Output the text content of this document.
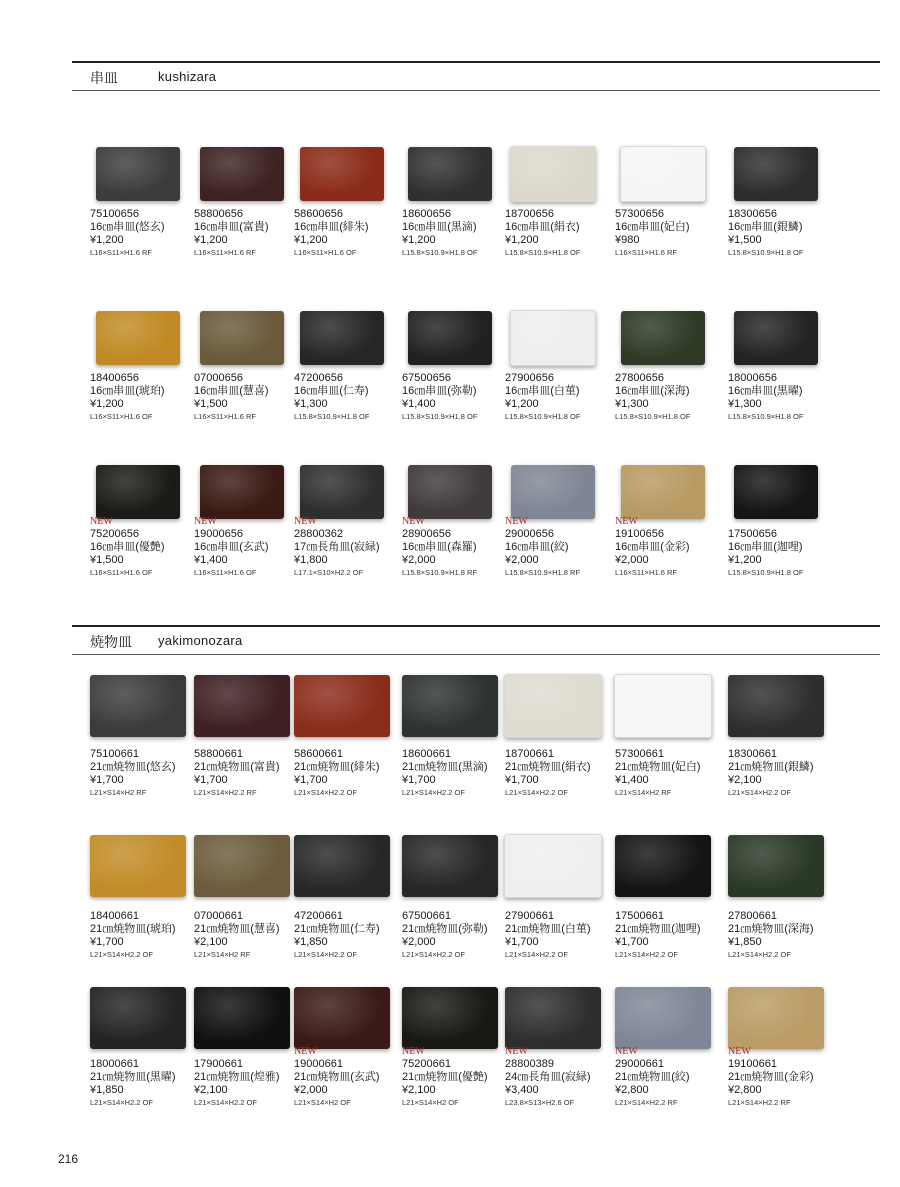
串皿	kushizara
焼物皿 yakimonozara
75100656
16㎝串皿(悠玄)
¥1,200
L16×S11×H1.6 RF
58800656
16㎝串皿(富貴)
¥1,200
L16×S11×H1.6 RF
58600656
16㎝串皿(緋朱)
¥1,200
L16×S11×H1.6 OF
18600656
16㎝串皿(黒滴)
¥1,200
L15.8×S10.9×H1.8 OF
18700656
16㎝串皿(絹衣)
¥1,200
L15.8×S10.9×H1.8 OF
57300656
16㎝串皿(妃白)
¥980
L16×S11×H1.6 RF
18300656
16㎝串皿(銀鱗)
¥1,500
L15.8×S10.9×H1.8 OF
18400656
16㎝串皿(琥珀)
¥1,200
L16×S11×H1.6 OF
07000656
16㎝串皿(慧喜)
¥1,500
L16×S11×H1.6 RF
47200656
16㎝串皿(仁寿)
¥1,300
L15.8×S10.9×H1.8 OF
67500656
16㎝串皿(弥勒)
¥1,400
L15.8×S10.9×H1.8 OF
27900656
16㎝串皿(白菫)
¥1,200
L15.8×S10.9×H1.8 OF
27800656
16㎝串皿(深海)
¥1,300
L15.8×S10.9×H1.8 OF
18000656
16㎝串皿(黒曜)
¥1,300
L15.8×S10.9×H1.8 OF
NEW
75200656
16㎝串皿(優艶)
¥1,500
L16×S11×H1.6 OF
NEW
19000656
16㎝串皿(玄武)
¥1,400
L16×S11×H1.6 OF
NEW
28800362
17㎝長角皿(寂緑)
¥1,800
L17.1×S10×H2.2 OF
NEW
28900656
16㎝串皿(森羅)
¥2,000
L15.8×S10.9×H1.8 RF
NEW
29000656
16㎝串皿(絞)
¥2,000
L15.8×S10.9×H1.8 RF
NEW
19100656
16㎝串皿(金彩)
¥2,000
L16×S11×H1.6 RF
17500656
16㎝串皿(迦哩)
¥1,200
L15.8×S10.9×H1.8 OF
75100661
21㎝焼物皿(悠玄)
¥1,700
L21×S14×H2 RF
58800661
21㎝焼物皿(富貴)
¥1,700
L21×S14×H2.2 RF
58600661
21㎝焼物皿(緋朱)
¥1,700
L21×S14×H2.2 OF
18600661
21㎝焼物皿(黒滴)
¥1,700
L21×S14×H2.2 OF
18700661
21㎝焼物皿(絹衣)
¥1,700
L21×S14×H2.2 OF
57300661
21㎝焼物皿(妃白)
¥1,400
L21×S14×H2 RF
18300661
21㎝焼物皿(銀鱗)
¥2,100
L21×S14×H2.2 OF
18400661
21㎝焼物皿(琥珀)
¥1,700
L21×S14×H2.2 OF
07000661
21㎝焼物皿(慧喜)
¥2,100
L21×S14×H2 RF
47200661
21㎝焼物皿(仁寿)
¥1,850
L21×S14×H2.2 OF
67500661
21㎝焼物皿(弥勒)
¥2,000
L21×S14×H2.2 OF
27900661
21㎝焼物皿(白菫)
¥1,700
L21×S14×H2.2 OF
17500661
21㎝焼物皿(迦哩)
¥1,700
L21×S14×H2.2 OF
27800661
21㎝焼物皿(深海)
¥1,850
L21×S14×H2.2 OF
18000661
21㎝焼物皿(黒曜)
¥1,850
L21×S14×H2.2 OF
17900661
21㎝焼物皿(煌雅)
¥2,100
L21×S14×H2.2 OF
NEW
19000661
21㎝焼物皿(玄武)
¥2,000
L21×S14×H2 OF
NEW
75200661
21㎝焼物皿(優艶)
¥2,100
L21×S14×H2 OF
NEW
28800389
24㎝長角皿(寂緑)
¥3,400
L23.8×S13×H2.6 OF
NEW
29000661
21㎝焼物皿(絞)
¥2,800
L21×S14×H2.2 RF
NEW
19100661
21㎝焼物皿(金彩)
¥2,800
L21×S14×H2.2 RF
216
